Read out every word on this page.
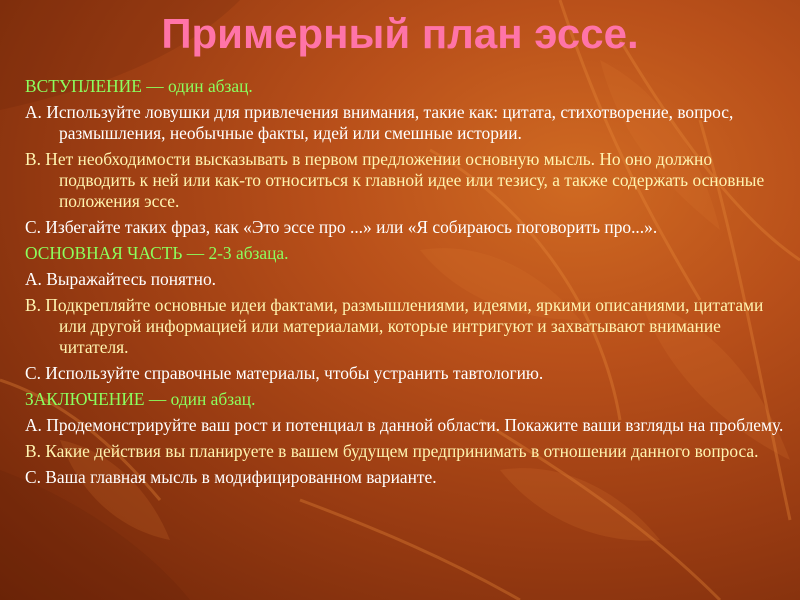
Примерный план эссе.

ВСТУПЛЕНИЕ — один абзац.

A. Используйте ловушки для привлечения внимания, такие как: цитата, стихотворение, вопрос, размышления, необычные факты, идей или смешные истории.

B. Нет необходимости высказывать в первом предложении основную мысль. Но оно должно подводить к ней или как-то относиться к главной идее или тезису, а также содержать основные положения эссе.

C. Избегайте таких фраз, как «Это эссе про ...» или «Я собираюсь поговорить про...».

ОСНОВНАЯ ЧАСТЬ — 2-3 абзаца.

A. Выражайтесь понятно.

B. Подкрепляйте основные идеи фактами, размышлениями, идеями, яркими описаниями, цитатами или другой информацией или материалами, которые интригуют и захватывают внимание читателя.

C. Используйте справочные материалы, чтобы устранить тавтологию.

ЗАКЛЮЧЕНИЕ — один абзац.

A. Продемонстрируйте ваш рост и потенциал в данной области. Покажите ваши взгляды на проблему.

B. Какие действия вы планируете в вашем будущем предпринимать в отношении данного вопроса.

C. Ваша главная мысль в модифицированном варианте.
